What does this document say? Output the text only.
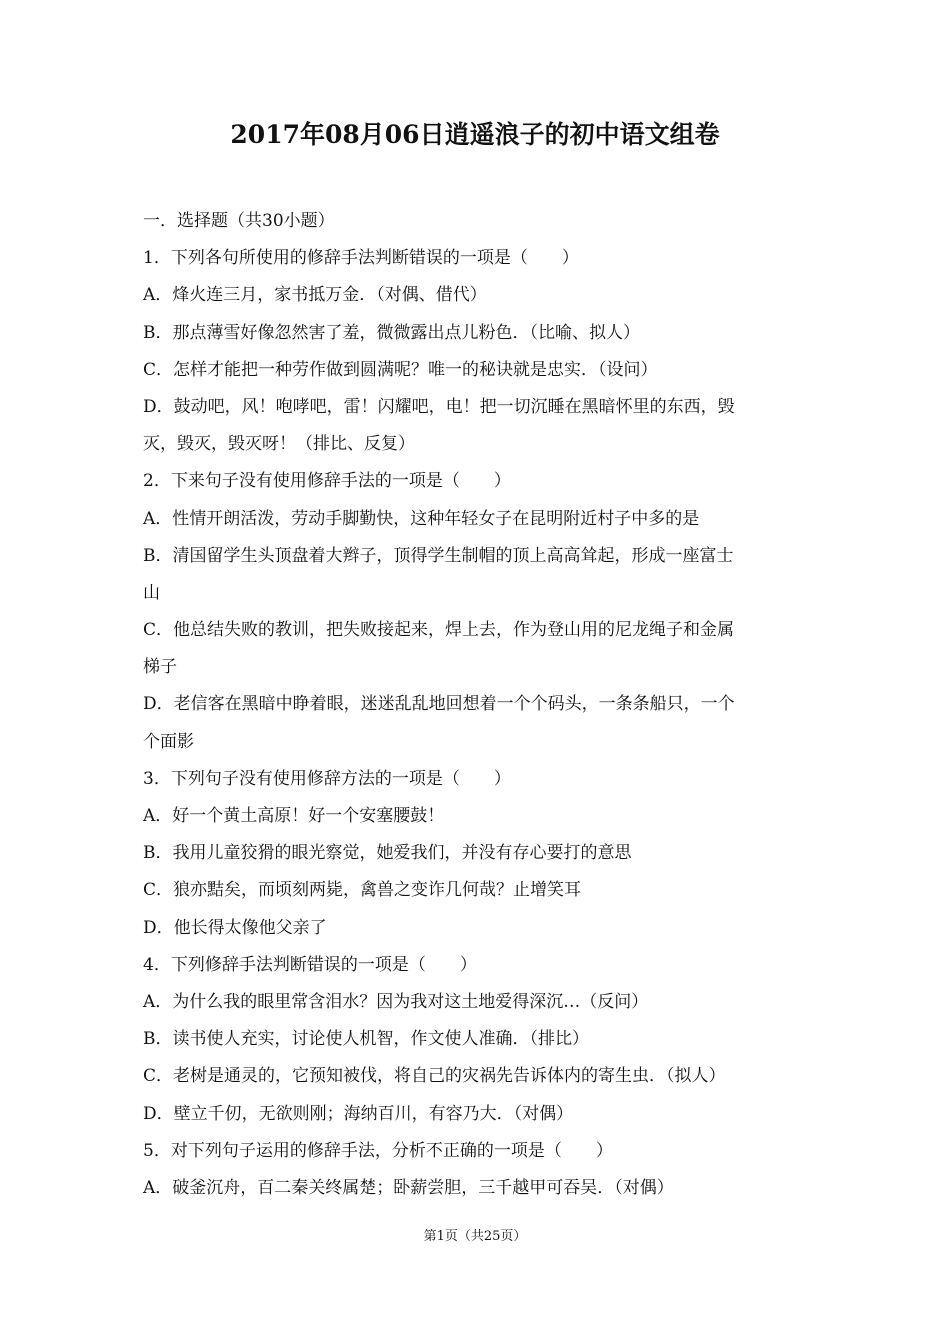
2017年08月06日逍遥浪子的初中语文组卷
一．选择题（共30小题）
1．下列各句所使用的修辞手法判断错误的一项是（　　）
A．烽火连三月，家书抵万金．（对偶、借代）
B．那点薄雪好像忽然害了羞，微微露出点儿粉色．（比喻、拟人）
C．怎样才能把一种劳作做到圆满呢？唯一的秘诀就是忠实．（设问）
D．鼓动吧，风！咆哮吧，雷！闪耀吧，电！把一切沉睡在黑暗怀里的东西，毁
灭，毁灭，毁灭呀！（排比、反复）
2．下来句子没有使用修辞手法的一项是（　　）
A．性情开朗活泼，劳动手脚勤快，这种年轻女子在昆明附近村子中多的是
B．清国留学生头顶盘着大辫子，顶得学生制帽的顶上高高耸起，形成一座富士
山
C．他总结失败的教训，把失败接起来，焊上去，作为登山用的尼龙绳子和金属
梯子
D．老信客在黑暗中睁着眼，迷迷乱乱地回想着一个个码头，一条条船只，一个
个面影
3．下列句子没有使用修辞方法的一项是（　　）
A．好一个黄土高原！好一个安塞腰鼓！
B．我用儿童狡猾的眼光察觉，她爱我们，并没有存心要打的意思
C．狼亦黠矣，而顷刻两毙，禽兽之变诈几何哉？止增笑耳
D．他长得太像他父亲了
4．下列修辞手法判断错误的一项是（　　）
A．为什么我的眼里常含泪水？因为我对这土地爱得深沉…（反问）
B．读书使人充实，讨论使人机智，作文使人准确．（排比）
C．老树是通灵的，它预知被伐，将自己的灾祸先告诉体内的寄生虫．（拟人）
D．壁立千仞，无欲则刚；海纳百川，有容乃大．（对偶）
5．对下列句子运用的修辞手法，分析不正确的一项是（　　）
A．破釜沉舟，百二秦关终属楚；卧薪尝胆，三千越甲可吞吴．（对偶）
第1页（共25页）
